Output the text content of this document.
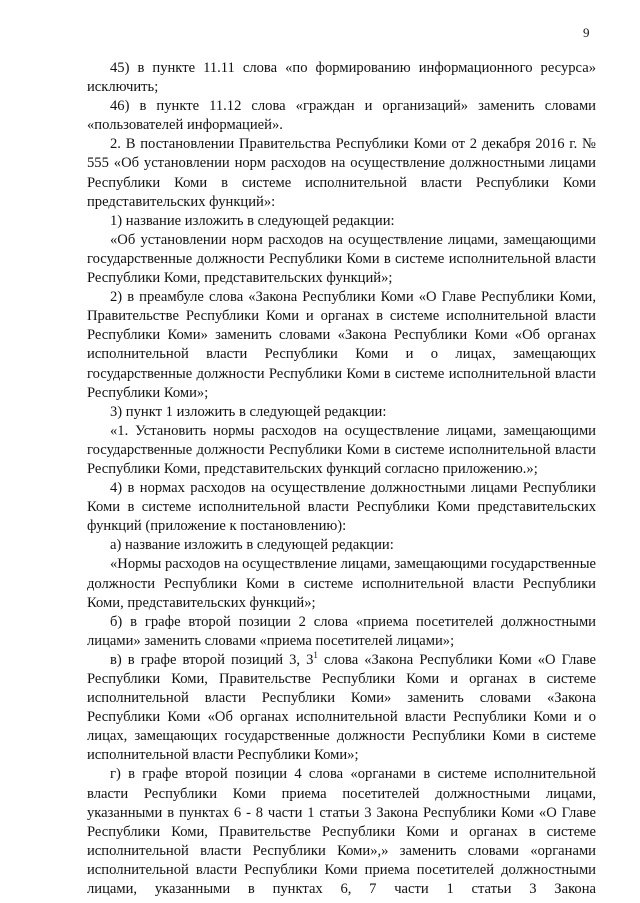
9

45) в пункте 11.11 слова «по формированию информационного ресурса» исключить;

46) в пункте 11.12 слова «граждан и организаций» заменить словами «пользователей информацией».

2. В постановлении Правительства Республики Коми от 2 декабря 2016 г. № 555 «Об установлении норм расходов на осуществление должностными лицами Республики Коми в системе исполнительной власти Республики Коми представительских функций»:

1) название изложить в следующей редакции:

«Об установлении норм расходов на осуществление лицами, замещающими государственные должности Республики Коми в системе исполнительной власти Республики Коми, представительских функций»;

2) в преамбуле слова «Закона Республики Коми «О Главе Республики Коми, Правительстве Республики Коми и органах в системе исполнительной власти Республики Коми» заменить словами «Закона Республики Коми «Об органах исполнительной власти Республики Коми и о лицах, замещающих государственные должности Республики Коми в системе исполнительной власти Республики Коми»;

3) пункт 1 изложить в следующей редакции:

«1. Установить нормы расходов на осуществление лицами, замещающими государственные должности Республики Коми в системе исполнительной власти Республики Коми, представительских функций согласно приложению.»;

4) в нормах расходов на осуществление должностными лицами Республики Коми в системе исполнительной власти Республики Коми представительских функций (приложение к постановлению):

а) название изложить в следующей редакции:

«Нормы расходов на осуществление лицами, замещающими государственные должности Республики Коми в системе исполнительной власти Республики Коми, представительских функций»;

б) в графе второй позиции 2 слова «приема посетителей должностными лицами» заменить словами «приема посетителей лицами»;

в) в графе второй позиций 3, $3^1$ слова «Закона Республики Коми «О Главе Республики Коми, Правительстве Республики Коми и органах в системе исполнительной власти Республики Коми» заменить словами «Закона Республики Коми «Об органах исполнительной власти Республики Коми и о лицах, замещающих государственные должности Республики Коми в системе исполнительной власти Республики Коми»;

г) в графе второй позиции 4 слова «органами в системе исполнительной власти Республики Коми приема посетителей должностными лицами, указанными в пунктах 6 - 8 части 1 статьи 3 Закона Республики Коми «О Главе Республики Коми, Правительстве Республики Коми и органах в системе исполнительной власти Республики Коми»,» заменить словами «органами исполнительной власти Республики Коми приема посетителей должностными лицами, указанными в пунктах 6, 7 части 1 статьи 3 Закона
